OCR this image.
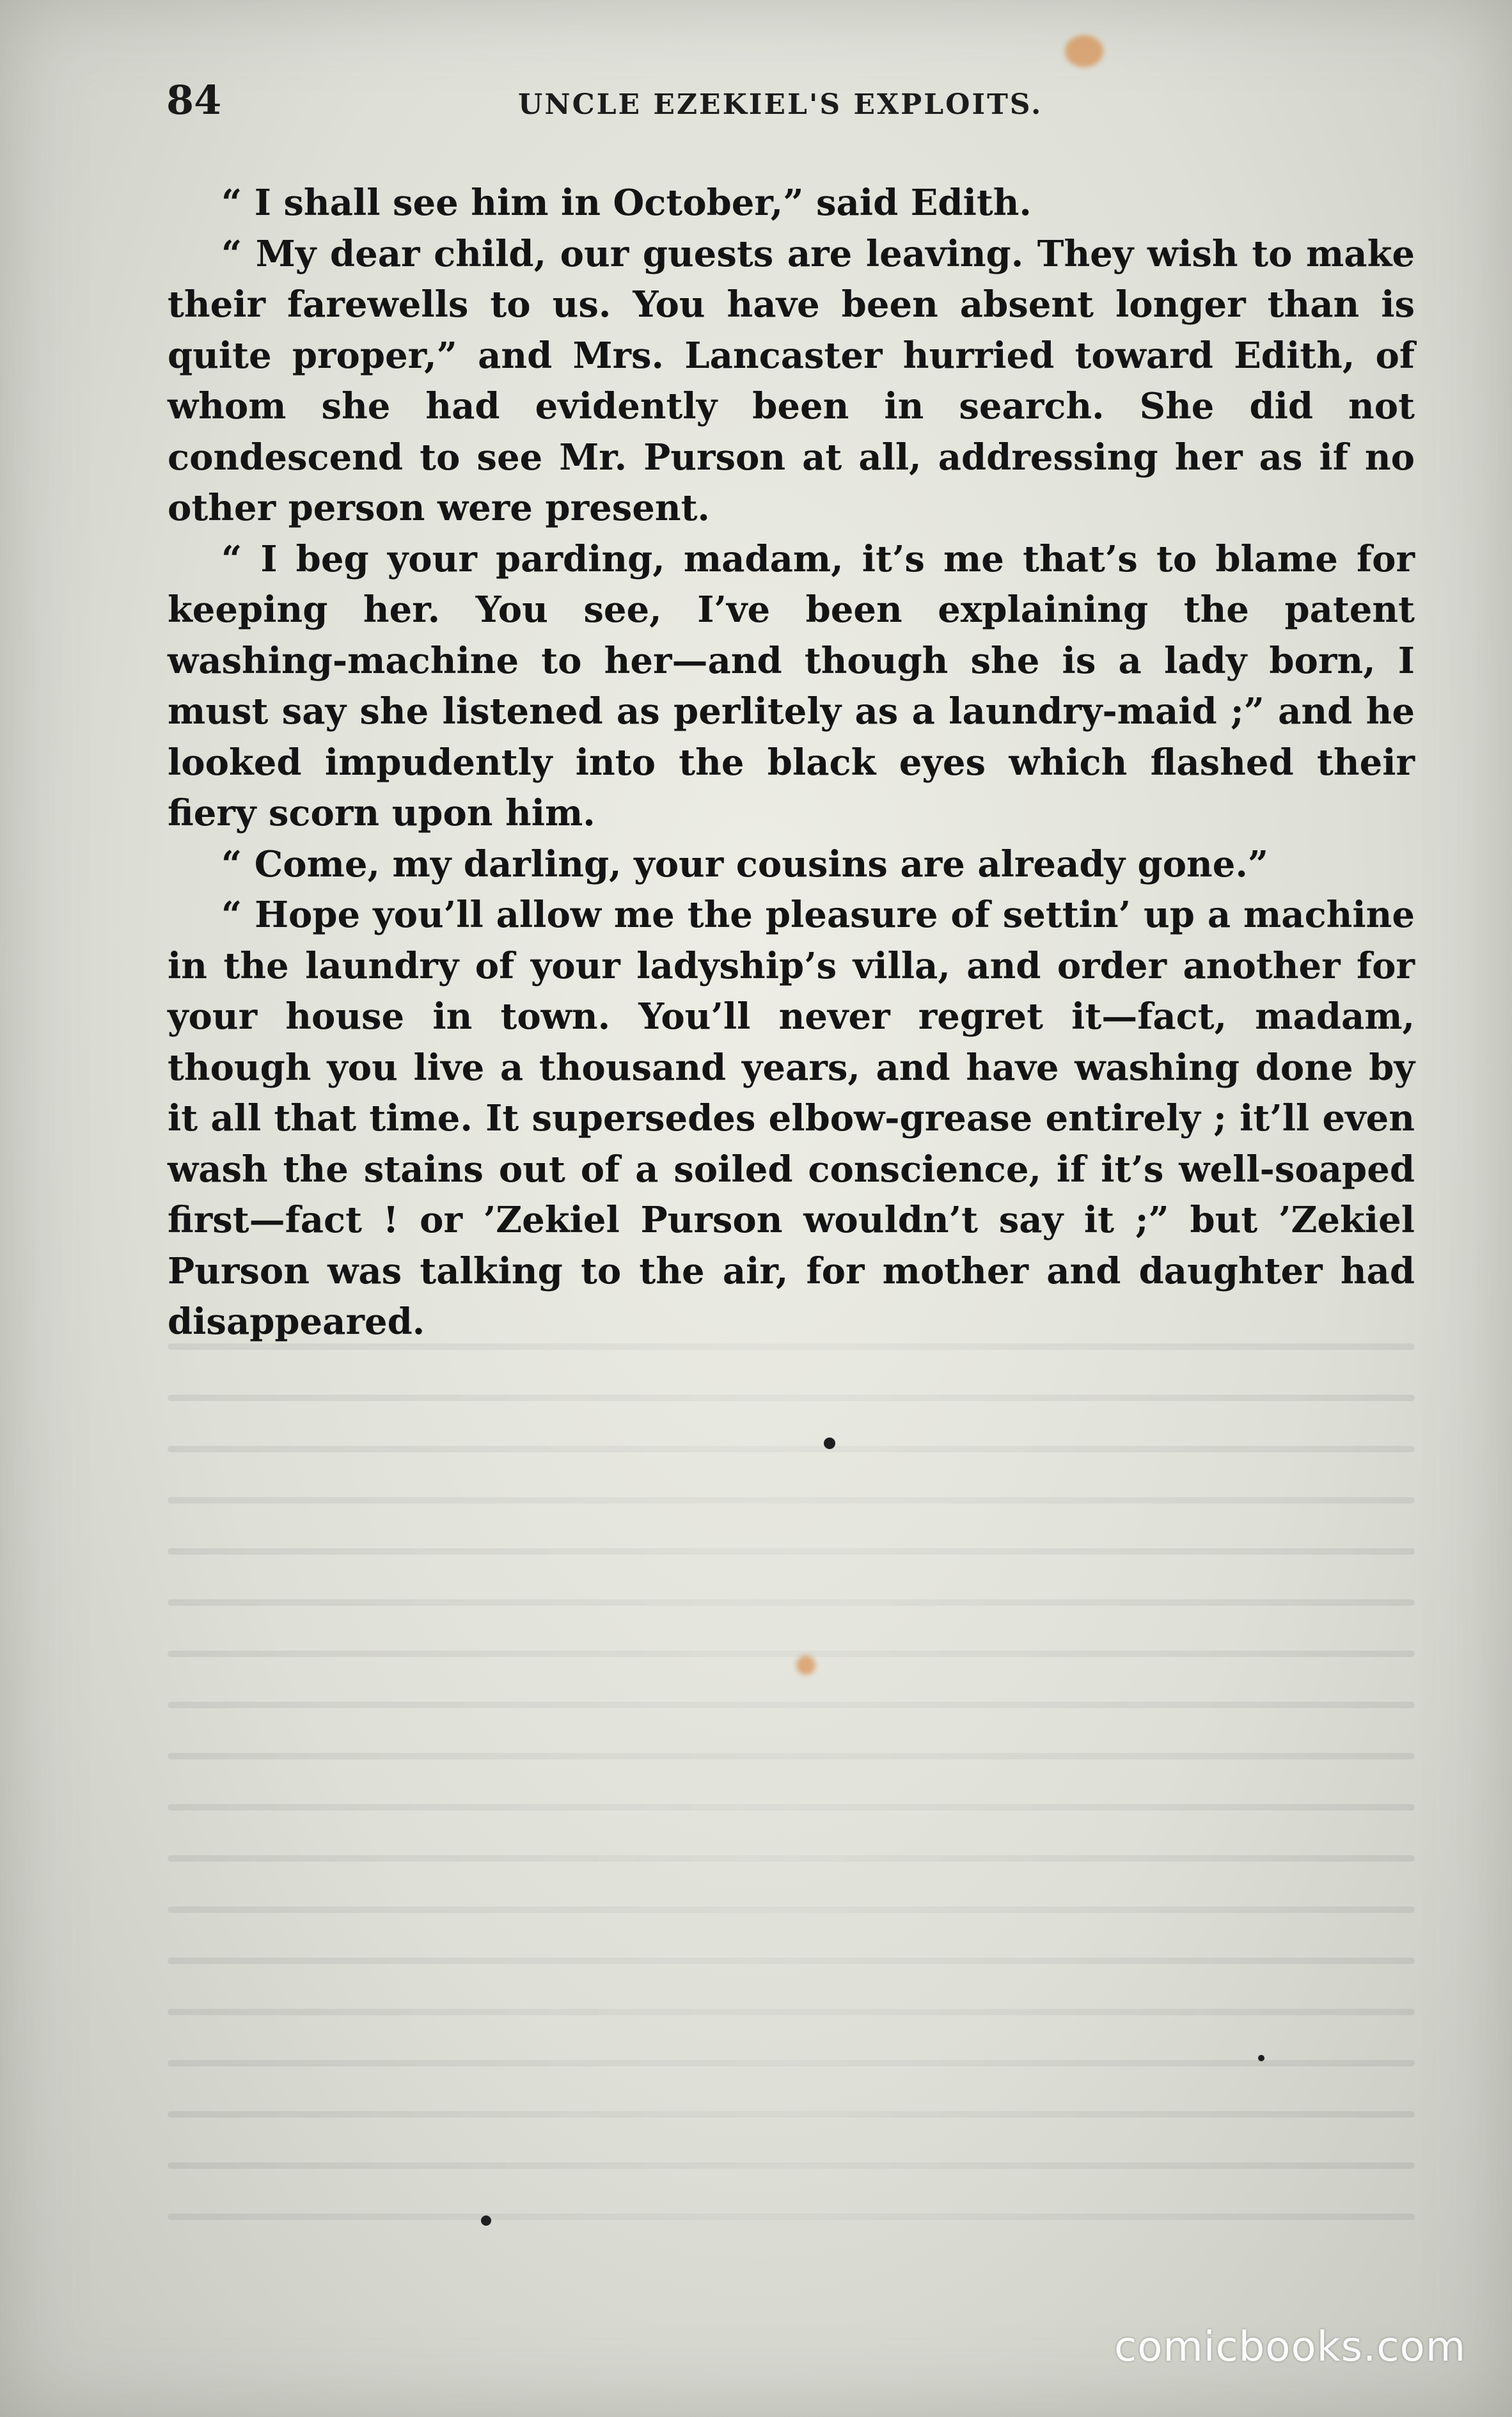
84	UNCLE EZEKIEL'S EXPLOITS.

“ I shall see him in October,” said Edith.

“ My dear child, our guests are leaving. They wish to make their farewells to us. You have been absent longer than is quite proper,” and Mrs. Lancaster hurried toward Edith, of whom she had evidently been in search. She did not condescend to see Mr. Purson at all, addressing her as if no other person were present.

“ I beg your parding, madam, it’s me that’s to blame for keeping her. You see, I’ve been explaining the patent washing-machine to her—and though she is a lady born, I must say she listened as perlitely as a laundry-maid ;” and he looked impudently into the black eyes which flashed their fiery scorn upon him.

“ Come, my darling, your cousins are already gone.”

“ Hope you’ll allow me the pleasure of settin’ up a machine in the laundry of your ladyship’s villa, and order another for your house in town. You’ll never regret it—fact, madam, though you live a thousand years, and have washing done by it all that time. It supersedes elbow-grease entirely ; it’ll even wash the stains out of a soiled conscience, if it’s well-soaped first—fact ! or ’Zekiel Purson wouldn’t say it ;” but ’Zekiel Purson was talking to the air, for mother and daughter had disappeared.

comicbooks.com
